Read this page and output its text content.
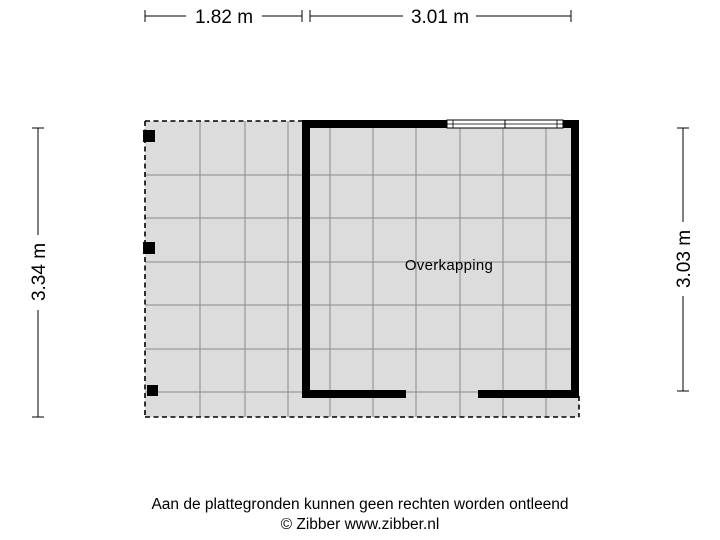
1.82 m	3.01 m
3.34 m	3.03 m
Overkapping
Aan de plattegronden kunnen geen rechten worden ontleend
© Zibber www.zibber.nl
